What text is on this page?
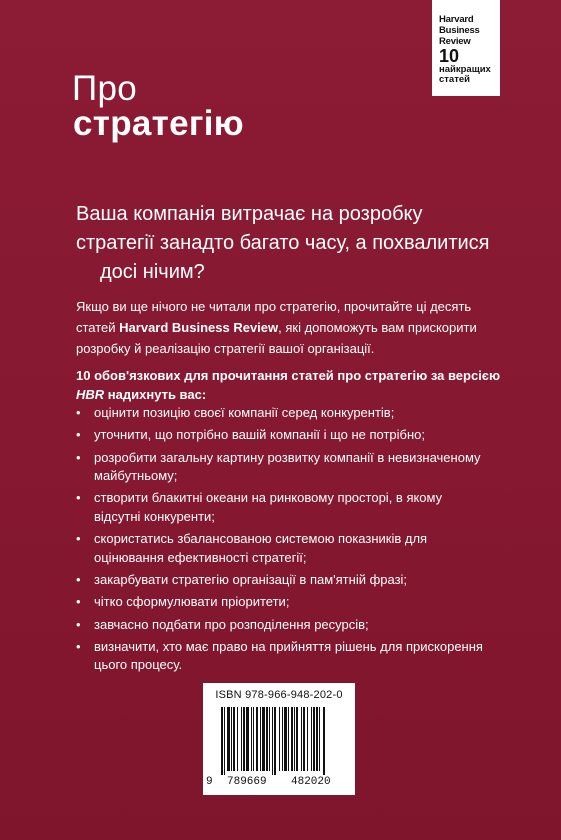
Harvard
Business
Review
10
найкращих
статей
Про
стратегію
Ваша компанія витрачає на розробку
стратегії занадто багато часу, а похвалитися
досі нічим?
Якщо ви ще нічого не читали про стратегію, прочитайте ці десять
статей Harvard Business Review, які допоможуть вам прискорити
розробку й реалізацію стратегії вашої організації.
10 обов'язкових для прочитання статей про стратегію за версією
HBR надихнуть вас:
• оцінити позицію своєї компанії серед конкурентів;
• уточнити, що потрібно вашій компанії і що не потрібно;
• розробити загальну картину розвитку компанії в невизначеному
майбутньому;
• створити блакитні океани на ринковому просторі, в якому
відсутні конкуренти;
• скористатись збалансованою системою показників для
оцінювання ефективності стратегії;
• закарбувати стратегію організації в пам'ятній фразі;
• чітко сформулювати пріоритети;
• завчасно подбати про розподілення ресурсів;
• визначити, хто має право на прийняття рішень для прискорення
цього процесу.
ISBN 978-966-948-202-0
9 789669 482020
